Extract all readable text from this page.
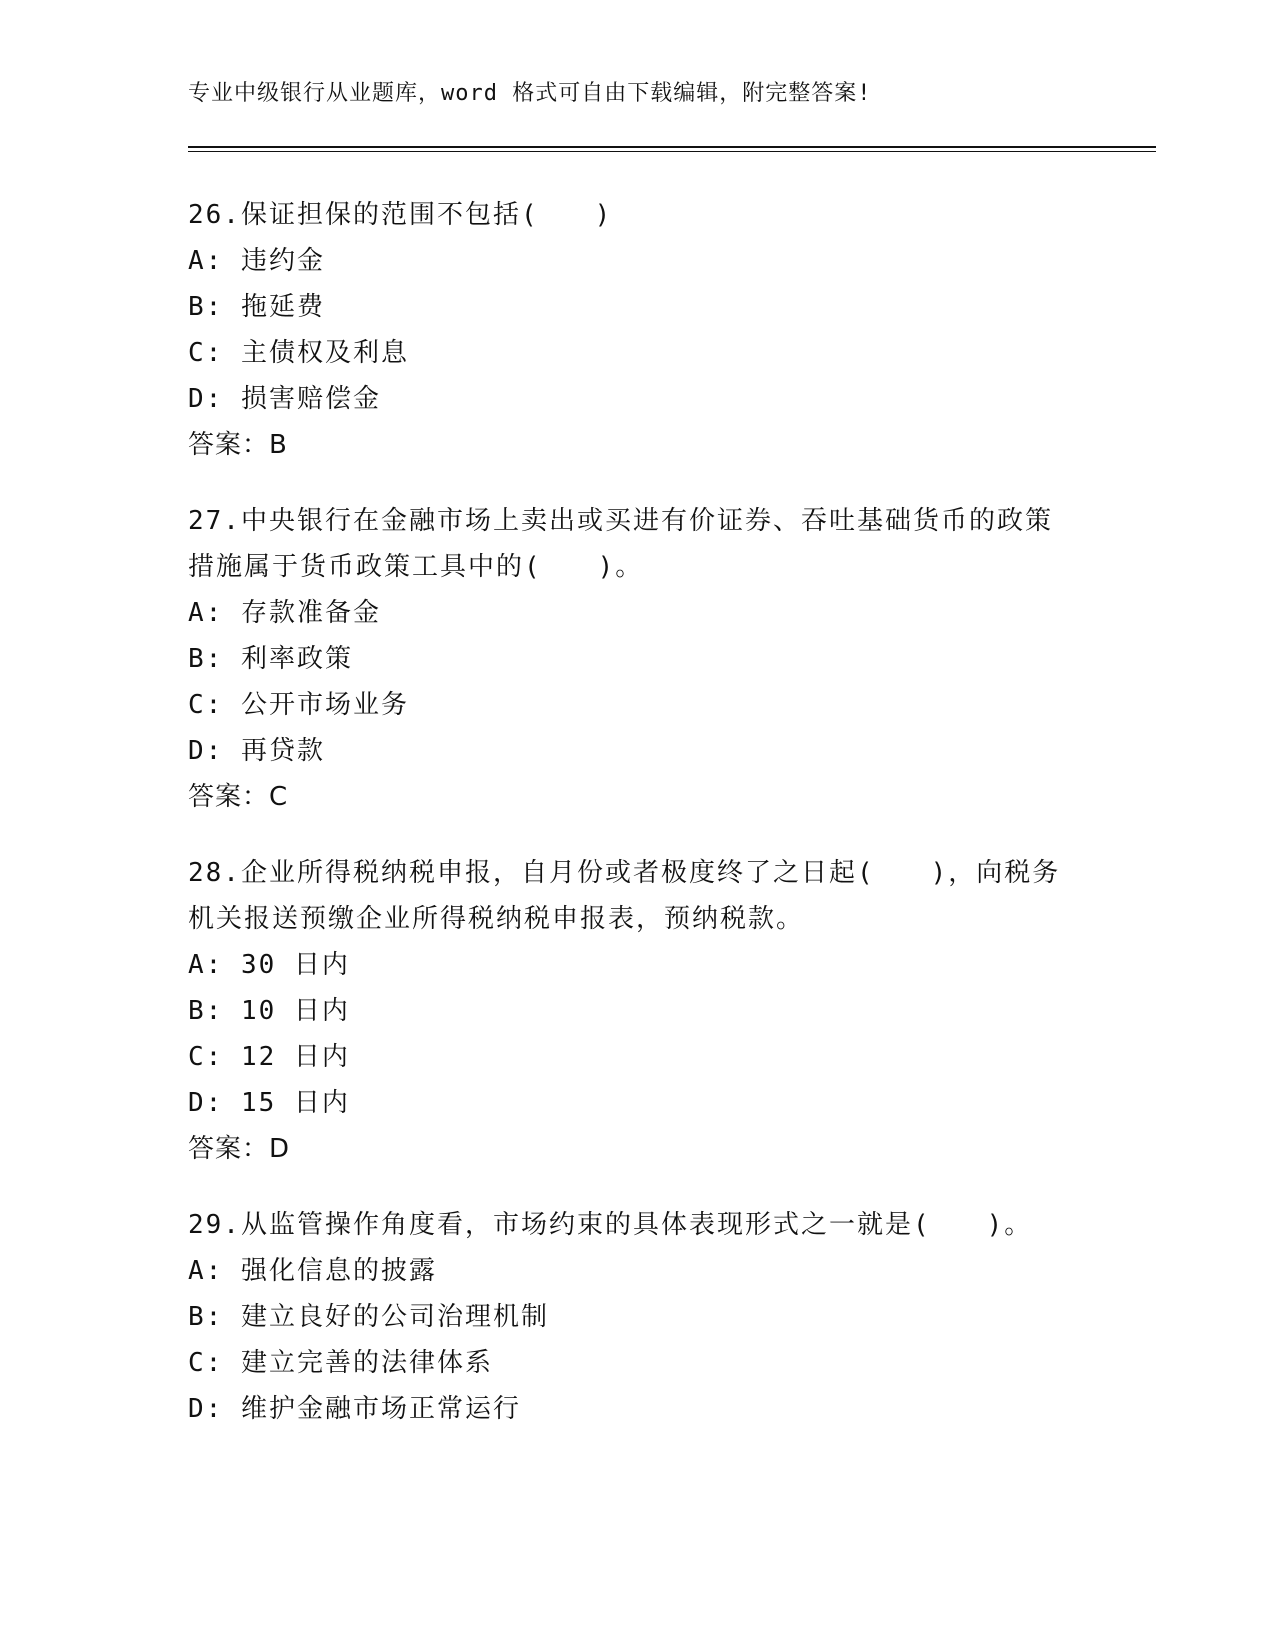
专业中级银行从业题库，word 格式可自由下载编辑，附完整答案!
26.保证担保的范围不包括(　　)
A: 违约金
B: 拖延费
C: 主债权及利息
D: 损害赔偿金
答案：B
27.中央银行在金融市场上卖出或买进有价证券、吞吐基础货币的政策
措施属于货币政策工具中的(　　)。
A: 存款准备金
B: 利率政策
C: 公开市场业务
D: 再贷款
答案：C
28.企业所得税纳税申报，自月份或者极度终了之日起(　　)，向税务
机关报送预缴企业所得税纳税申报表，预纳税款。
A: 30 日内
B: 10 日内
C: 12 日内
D: 15 日内
答案：D
29.从监管操作角度看，市场约束的具体表现形式之一就是(　　)。
A: 强化信息的披露
B: 建立良好的公司治理机制
C: 建立完善的法律体系
D: 维护金融市场正常运行
